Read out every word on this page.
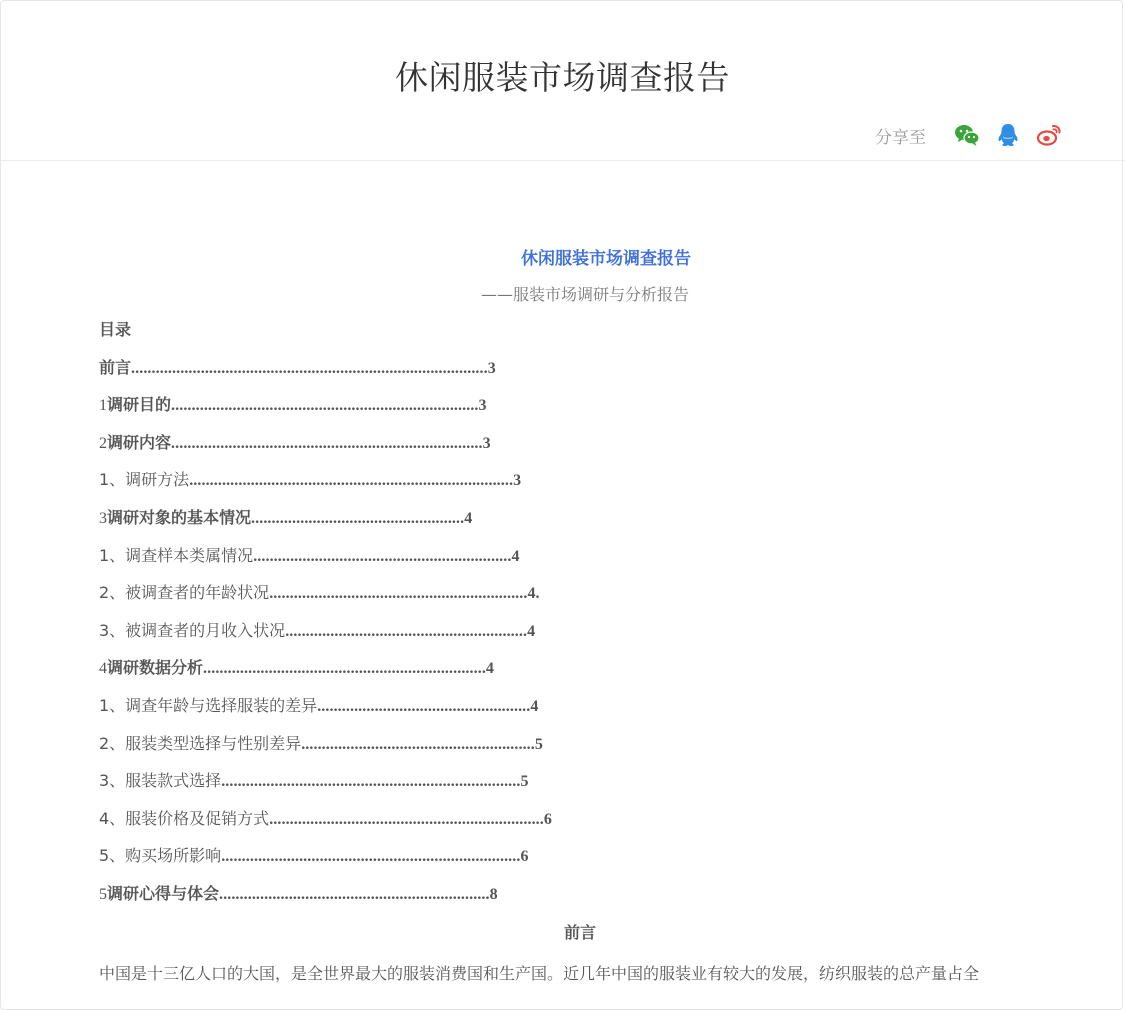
休闲服装市场调查报告
分享至
休闲服装市场调查报告
——服装市场调研与分析报告
目录
前言.......................................................................................3
1调研目的...........................................................................3
2调研内容............................................................................3
1、调研方法...............................................................................3
3调研对象的基本情况....................................................4
1、调查样本类属情况...............................................................4
2、被调查者的年龄状况...............................................................4.
3、被调查者的月收入状况...........................................................4
4调研数据分析.....................................................................4
1、调查年龄与选择服装的差异....................................................4
2、服装类型选择与性别差异.........................................................5
3、服装款式选择.........................................................................5
4、服装价格及促销方式...................................................................6
5、购买场所影响.........................................................................6
5调研心得与体会..................................................................8
前言
中国是十三亿人口的大国，是全世界最大的服装消费国和生产国。近几年中国的服装业有较大的发展，纺织服装的总产量占全
